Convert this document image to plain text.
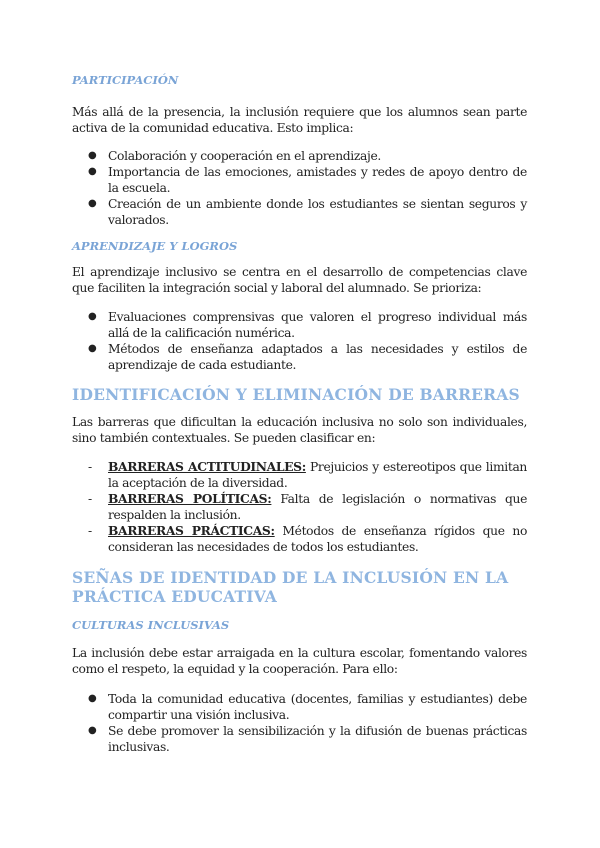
PARTICIPACIÓN

Más allá de la presencia, la inclusión requiere que los alumnos sean parte activa de la comunidad educativa. Esto implica:

● Colaboración y cooperación en el aprendizaje.
● Importancia de las emociones, amistades y redes de apoyo dentro de la escuela.
● Creación de un ambiente donde los estudiantes se sientan seguros y valorados.
APRENDIZAJE Y LOGROS

El aprendizaje inclusivo se centra en el desarrollo de competencias clave que faciliten la integración social y laboral del alumnado. Se prioriza:

● Evaluaciones comprensivas que valoren el progreso individual más allá de la calificación numérica.
● Métodos de enseñanza adaptados a las necesidades y estilos de aprendizaje de cada estudiante.
IDENTIFICACIÓN Y ELIMINACIÓN DE BARRERAS

Las barreras que dificultan la educación inclusiva no solo son individuales, sino también contextuales. Se pueden clasificar en:

- BARRERAS ACTITUDINALES: Prejuicios y estereotipos que limitan la aceptación de la diversidad.
- BARRERAS POLÍTICAS: Falta de legislación o normativas que respalden la inclusión.
- BARRERAS PRÁCTICAS: Métodos de enseñanza rígidos que no consideran las necesidades de todos los estudiantes.
SEÑAS DE IDENTIDAD DE LA INCLUSIÓN EN LA PRÁCTICA EDUCATIVA
CULTURAS INCLUSIVAS

La inclusión debe estar arraigada en la cultura escolar, fomentando valores como el respeto, la equidad y la cooperación. Para ello:

● Toda la comunidad educativa (docentes, familias y estudiantes) debe compartir una visión inclusiva.
● Se debe promover la sensibilización y la difusión de buenas prácticas inclusivas.
